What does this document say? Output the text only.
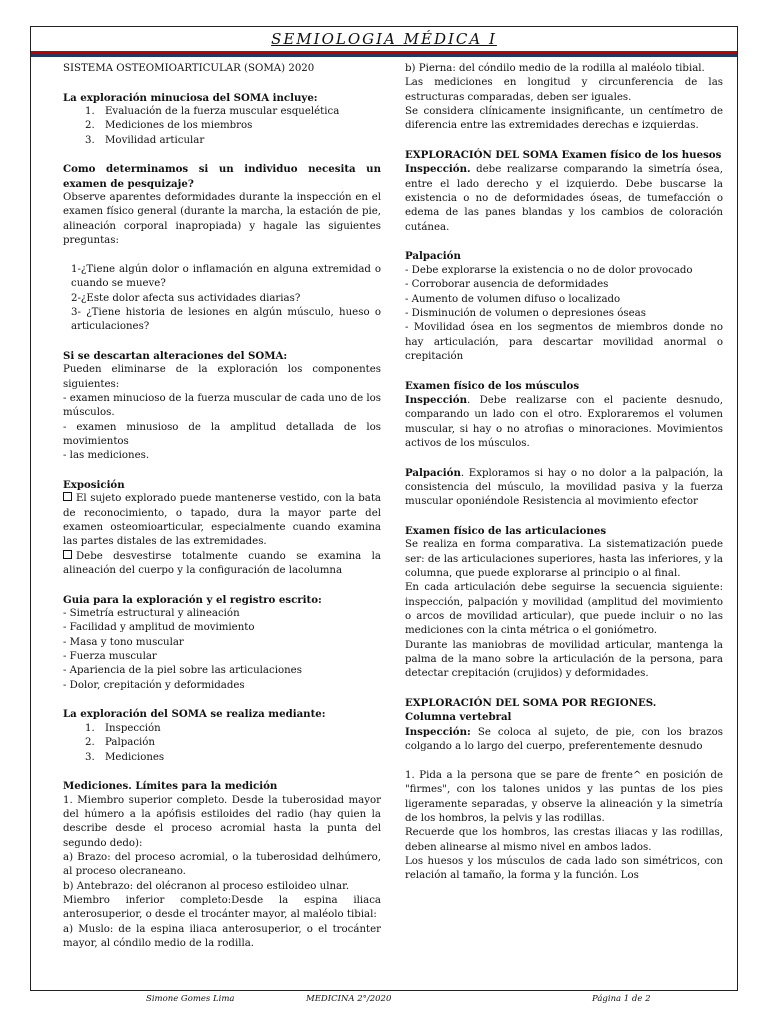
SEMIOLOGIA MÉDICA I

SISTEMA OSTEOMIOARTICULAR (SOMA) 2020

La exploración minuciosa del SOMA incluye:

1. Evaluación de la fuerza muscular esquelética
2. Mediciones de los miembros
3. Movilidad articular

Como determinamos si un individuo necesita un examen de pesquizaje?

Observe aparentes deformidades durante la inspección en el examen físico general (durante la marcha, la estación de pie, alineación corporal inapropiada) y hagale las siguientes preguntas:

1-¿Tiene algún dolor o inflamación en alguna extremidad o cuando se mueve?

2-¿Este dolor afecta sus actividades diarias?

3- ¿Tiene historia de lesiones en algún músculo, hueso o articulaciones?

Si se descartan alteraciones del SOMA:

Pueden eliminarse de la exploración los componentes siguientes:

- examen minucioso de la fuerza muscular de cada uno de los músculos.

- examen minusioso de la amplitud detallada de los movimientos

- las mediciones.

Exposición

El sujeto explorado puede mantenerse vestido, con la bata de reconocimiento, o tapado, dura la mayor parte del examen osteomioarticular, especialmente cuando examina las partes distales de las extremidades.

Debe desvestirse totalmente cuando se examina la alineación del cuerpo y la configuración de lacolumna

Guia para la exploración y el registro escrito:

- Simetría estructural y alineación

- Facilidad y amplitud de movimiento

- Masa y tono muscular

- Fuerza muscular

- Apariencia de la piel sobre las articulaciones

- Dolor, crepitación y deformidades

La exploración del SOMA se realiza mediante:

1. Inspección
2. Palpación
3. Mediciones

Mediciones. Límites para la medición

1. Miembro superior completo. Desde la tuberosidad mayor del húmero a la apófisis estiloides del radio (hay quien la describe desde el proceso acromial hasta la punta del segundo dedo):

a) Brazo: del proceso acromial, o la tuberosidad delhúmero, al proceso olecraneano.

b) Antebrazo: del olécranon al proceso estiloideo ulnar.

Miembro inferior completo:Desde la espina iliaca anterosuperior, o desde el trocánter mayor, al maléolo tibial:

a) Muslo: de la espina iliaca anterosuperior, o el trocánter mayor, al cóndilo medio de la rodilla.

b) Pierna: del cóndilo medio de la rodilla al maléolo tibial.

Las mediciones en longitud y circunferencia de las estructuras comparadas, deben ser iguales.

Se considera clínicamente insignificante, un centímetro de diferencia entre las extremidades derechas e izquierdas.

EXPLORACIÓN DEL SOMA Examen físico de los huesos

Inspección. debe realizarse comparando la simetría ósea, entre el lado derecho y el izquierdo. Debe buscarse la existencia o no de deformidades óseas, de tumefacción o edema de las panes blandas y los cambios de coloración cutánea.

Palpación

- Debe explorarse la existencia o no de dolor provocado

- Corroborar ausencia de deformidades

- Aumento de volumen difuso o localizado

- Disminución de volumen o depresiones óseas

- Movilidad ósea en los segmentos de miembros donde no hay articulación, para descartar movilidad anormal o crepitación

Examen físico de los músculos

Inspección. Debe realizarse con el paciente desnudo, comparando un lado con el otro. Exploraremos el volumen muscular, si hay o no atrofias o minoraciones. Movimientos activos de los músculos.

Palpación. Exploramos si hay o no dolor a la palpación, la consistencia del músculo, la movilidad pasiva y la fuerza muscular oponiéndole Resistencia al movimiento efector

Examen físico de las articulaciones

Se realiza en forma comparativa. La sistematización puede ser: de las articulaciones superiores, hasta las inferiores, y la columna, que puede explorarse al principio o al final.

En cada articulación debe seguirse la secuencia siguiente: inspección, palpación y movilidad (amplitud del movimiento o arcos de movilidad articular), que puede incluir o no las mediciones con la cinta métrica o el goniómetro.

Durante las maniobras de movilidad articular, mantenga la palma de la mano sobre la articulación de la persona, para detectar crepitación (crujidos) y deformidades.

EXPLORACIÓN DEL SOMA POR REGIONES.

Columna vertebral

Inspección: Se coloca al sujeto, de pie, con los brazos colgando a lo largo del cuerpo, preferentemente desnudo

1. Pida a la persona que se pare de frente^ en posición de "firmes", con los talones unidos y las puntas de los pies ligeramente separadas, y observe la alineación y la simetría de los hombros, la pelvis y las rodillas.

Recuerde que los hombros, las crestas iliacas y las rodillas, deben alinearse al mismo nivel en ambos lados.

Los huesos y los músculos de cada lado son simétricos, con relación al tamaño, la forma y la función. Los

Simone Gomes Lima	MEDICINA 2°/2020	Página 1 de 2
